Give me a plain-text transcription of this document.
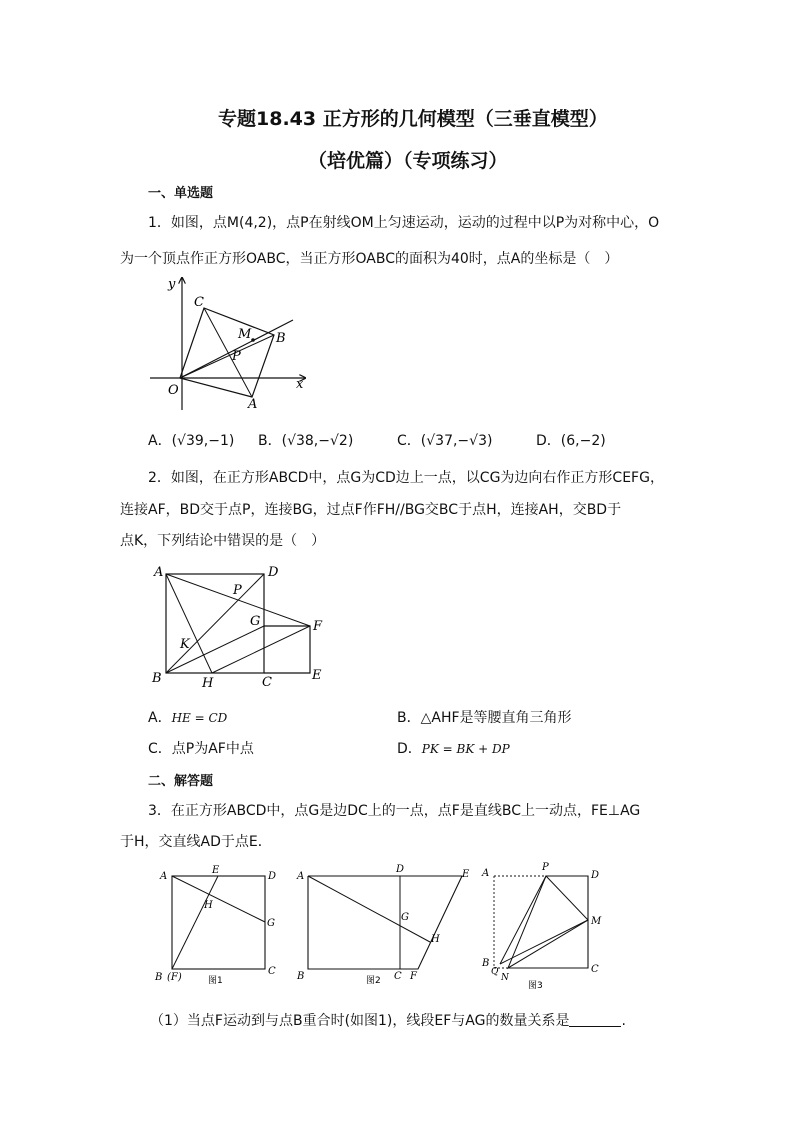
专题18.43 正方形的几何模型（三垂直模型）
（培优篇）（专项练习）
一、单选题
1．如图，点M(4,2)，点P在射线OM上匀速运动，运动的过程中以P为对称中心，O
为一个顶点作正方形OABC，当正方形OABC的面积为40时，点A的坐标是（　）
y
x
O
A
B
C
M
P
A．(√39,−1) B．(√38,−√2)	C．(√37,−√3)	D．(6,−2)
2．如图，在正方形ABCD中，点G为CD边上一点，以CG为边向右作正方形CEFG，
连接AF，BD交于点P，连接BG，过点F作FH//BG交BC于点H，连接AH，交BD于
点K，下列结论中错误的是（　）
A	D
B	C	E
F
G
H
K
P
A．HE = CD	B．△AHF是等腰直角三角形
C．点P为AF中点	D．PK = BK + DP
二、解答题
3．在正方形ABCD中，点G是边DC上的一点，点F是直线BC上一动点，FE⊥AG
于H，交直线AD于点E．
A
E
D
H
G
B (F)
C
图1
A
D	E
G
H
B	C F
图2
A
P
D
M
B
Q
N
C
图3
（1）当点F运动到与点B重合时(如图1)，线段EF与AG的数量关系是	.
